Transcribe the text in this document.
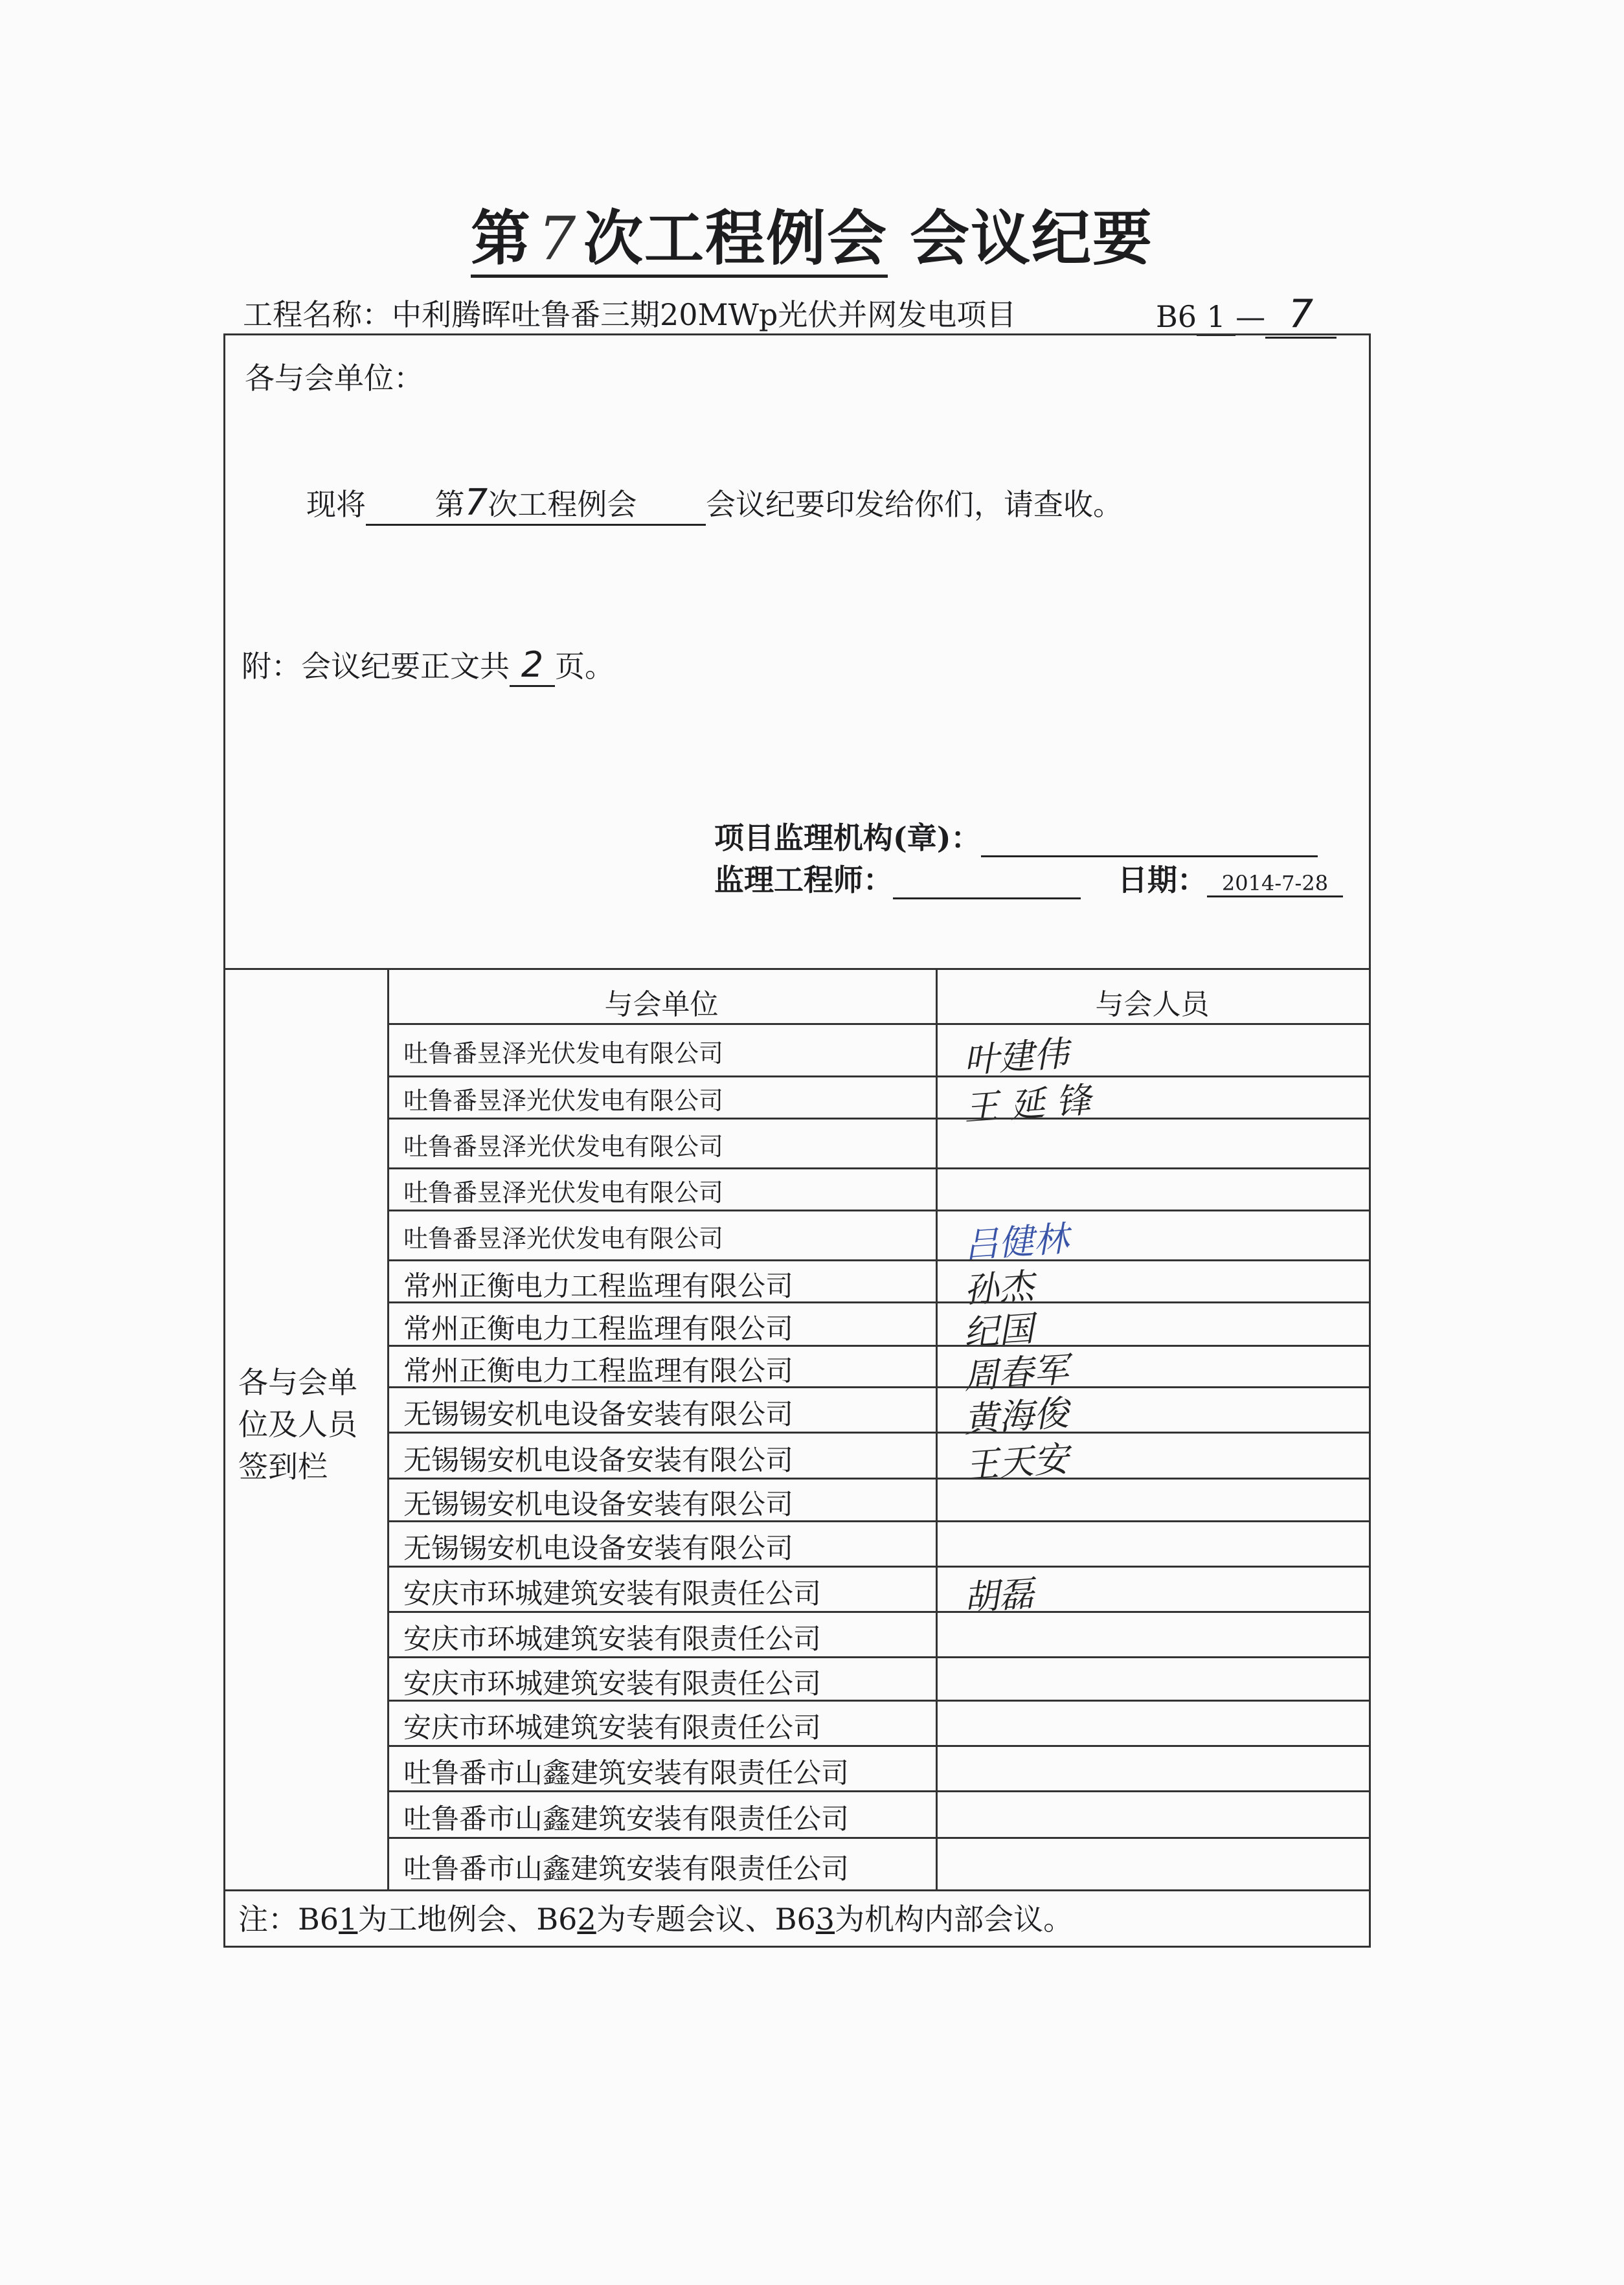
第 7 次工程例会 会议纪要
工程名称：中利腾晖吐鲁番三期20MWp光伏并网发电项目	B6 1 — 7
各与会单位：
现将 第7次工程例会 会议纪要印发给你们，请查收。
附：会议纪要正文共 2 页。
项目监理机构(章)：
监理工程师：	日期： 2014-7-28
各与会单
位及人员
签到栏
与会单位	与会人员
吐鲁番昱泽光伏发电有限公司	叶建伟
吐鲁番昱泽光伏发电有限公司	王 延 锋
吐鲁番昱泽光伏发电有限公司
吐鲁番昱泽光伏发电有限公司
吐鲁番昱泽光伏发电有限公司	吕健林
常州正衡电力工程监理有限公司	孙杰
常州正衡电力工程监理有限公司	纪国
常州正衡电力工程监理有限公司	周春军
无锡锡安机电设备安装有限公司	黄海俊
无锡锡安机电设备安装有限公司	王天安
无锡锡安机电设备安装有限公司
无锡锡安机电设备安装有限公司
安庆市环城建筑安装有限责任公司	胡磊
安庆市环城建筑安装有限责任公司
安庆市环城建筑安装有限责任公司
安庆市环城建筑安装有限责任公司
吐鲁番市山鑫建筑安装有限责任公司
吐鲁番市山鑫建筑安装有限责任公司
吐鲁番市山鑫建筑安装有限责任公司
注：B61为工地例会、B62为专题会议、B63为机构内部会议。
